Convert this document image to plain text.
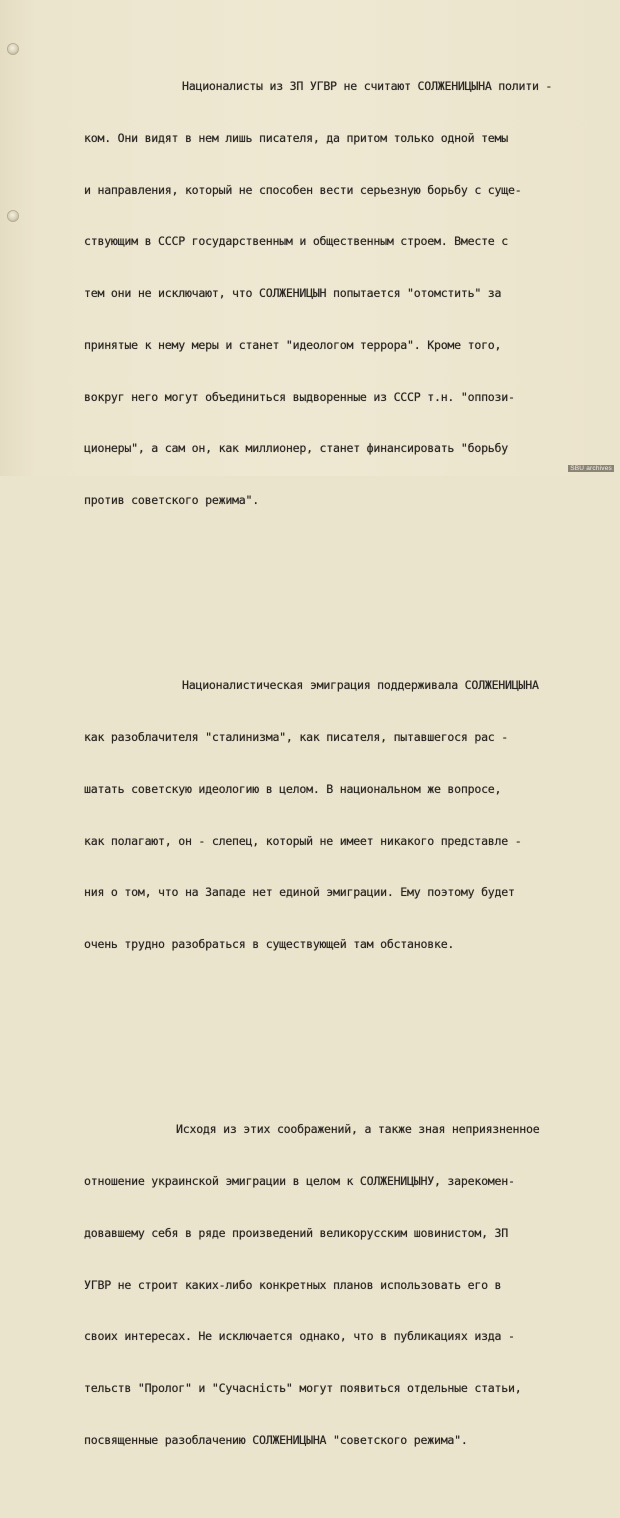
Националисты из ЗП УГВР не считают СОЛЖЕНИЦЫНА полити -

ком. Они видят в нем лишь писателя, да притом только одной темы

и направления, который не способен вести серьезную борьбу с суще-

ствующим в СССР государственным и общественным строем. Вместе с

тем они не исключают, что СОЛЖЕНИЦЫН попытается "отомстить" за

принятые к нему меры и станет "идеологом террора". Кроме того,

вокруг него могут объединиться выдворенные из СССР т.н. "оппози-

ционеры", а сам он, как миллионер, станет финансировать "борьбу

против советского режима".

Националистическая эмиграция поддерживала СОЛЖЕНИЦЫНА

как разоблачителя "сталинизма", как писателя, пытавшегося рас -

шатать советскую идеологию в целом. В национальном же вопросе,

как полагают, он - слепец, который не имеет никакого представле -

ния о том, что на Западе нет единой эмиграции. Ему поэтому будет

очень трудно разобраться в существующей там обстановке.

Исходя из этих соображений, а также зная неприязненное

отношение украинской эмиграции в целом к СОЛЖЕНИЦЫНУ, зарекомен-

довавшему себя в ряде произведений великорусским шовинистом, ЗП

УГВР не строит каких-либо конкретных планов использовать его в

своих интересах. Не исключается однако, что в публикациях изда -

тельств "Пролог" и "Сучасність" могут появиться отдельные статьи,

посвященные разоблачению СОЛЖЕНИЦЫНА "советского режима".

SBU archives
